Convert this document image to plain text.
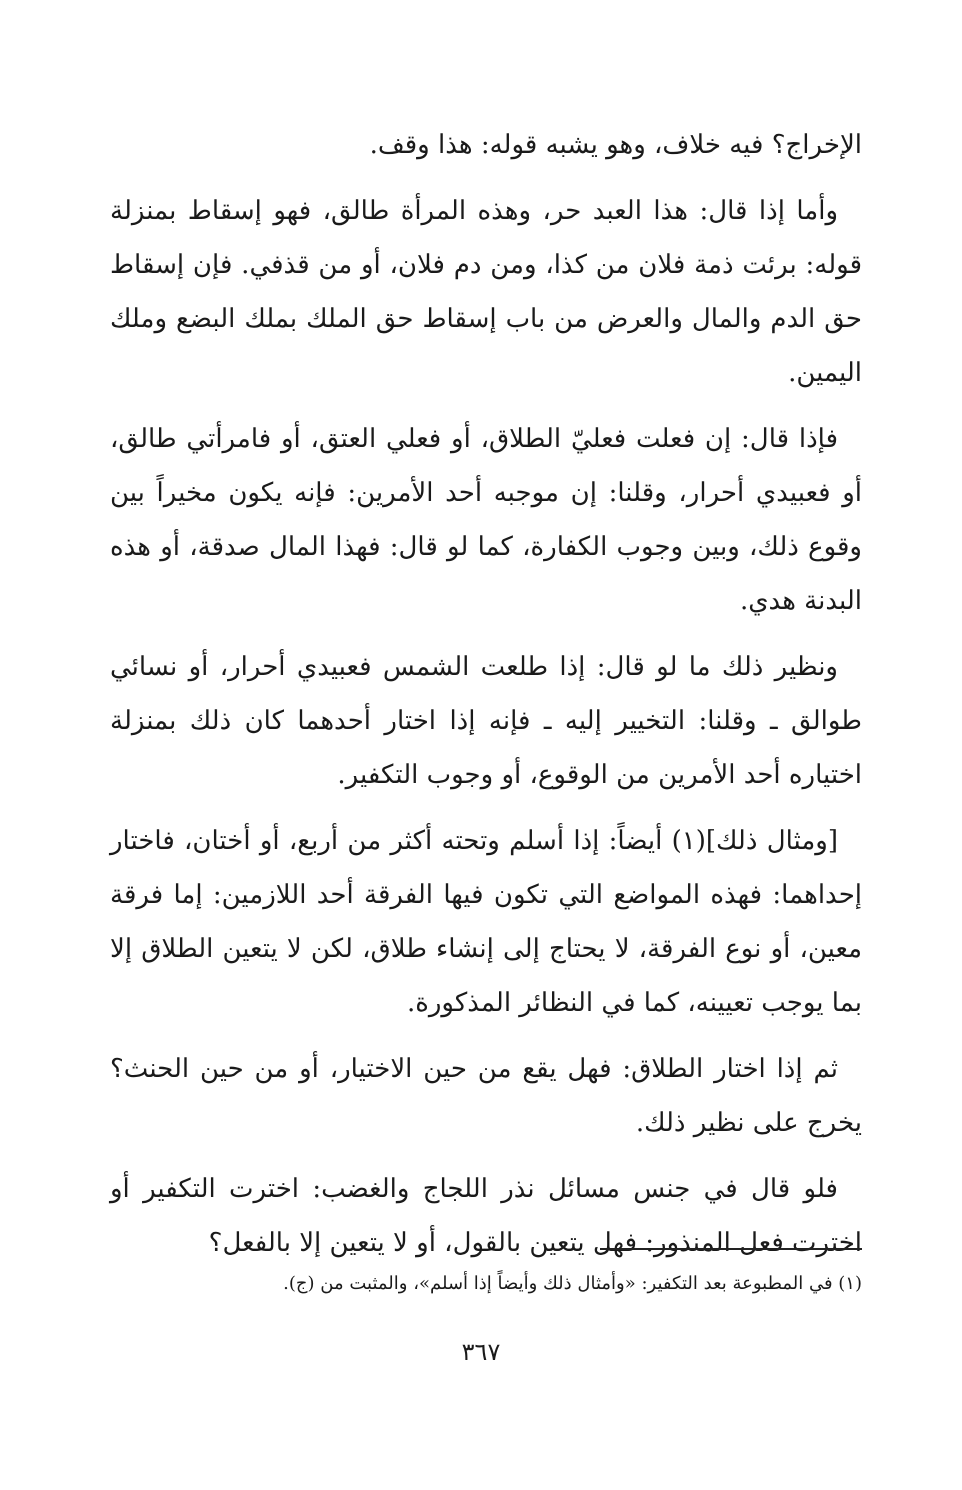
الإخراج؟ فيه خلاف، وهو يشبه قوله: هذا وقف.

وأما إذا قال: هذا العبد حر، وهذه المرأة طالق، فهو إسقاط بمنزلة قوله: برئت ذمة فلان من كذا، ومن دم فلان، أو من قذفي. فإن إسقاط حق الدم والمال والعرض من باب إسقاط حق الملك بملك البضع وملك اليمين.

فإذا قال: إن فعلت فعليّ الطلاق، أو فعلي العتق، أو فامرأتي طالق، أو فعبيدي أحرار، وقلنا: إن موجبه أحد الأمرين: فإنه يكون مخيراً بين وقوع ذلك، وبين وجوب الكفارة، كما لو قال: فهذا المال صدقة، أو هذه البدنة هدي.

ونظير ذلك ما لو قال: إذا طلعت الشمس فعبيدي أحرار، أو نسائي طوالق ـ وقلنا: التخيير إليه ـ فإنه إذا اختار أحدهما كان ذلك بمنزلة اختياره أحد الأمرين من الوقوع، أو وجوب التكفير.

[ومثال ذلك](١) أيضاً: إذا أسلم وتحته أكثر من أربع، أو أختان، فاختار إحداهما: فهذه المواضع التي تكون فيها الفرقة أحد اللازمين: إما فرقة معين، أو نوع الفرقة، لا يحتاج إلى إنشاء طلاق، لكن لا يتعين الطلاق إلا بما يوجب تعيينه، كما في النظائر المذكورة.

ثم إذا اختار الطلاق: فهل يقع من حين الاختيار، أو من حين الحنث؟ يخرج على نظير ذلك.

فلو قال في جنس مسائل نذر اللجاج والغضب: اخترت التكفير أو اخترت فعل المنذور: فهل يتعين بالقول، أو لا يتعين إلا بالفعل؟

(١) في المطبوعة بعد التكفير: «وأمثال ذلك وأيضاً إذا أسلم»، والمثبت من (ج).
٣٦٧
